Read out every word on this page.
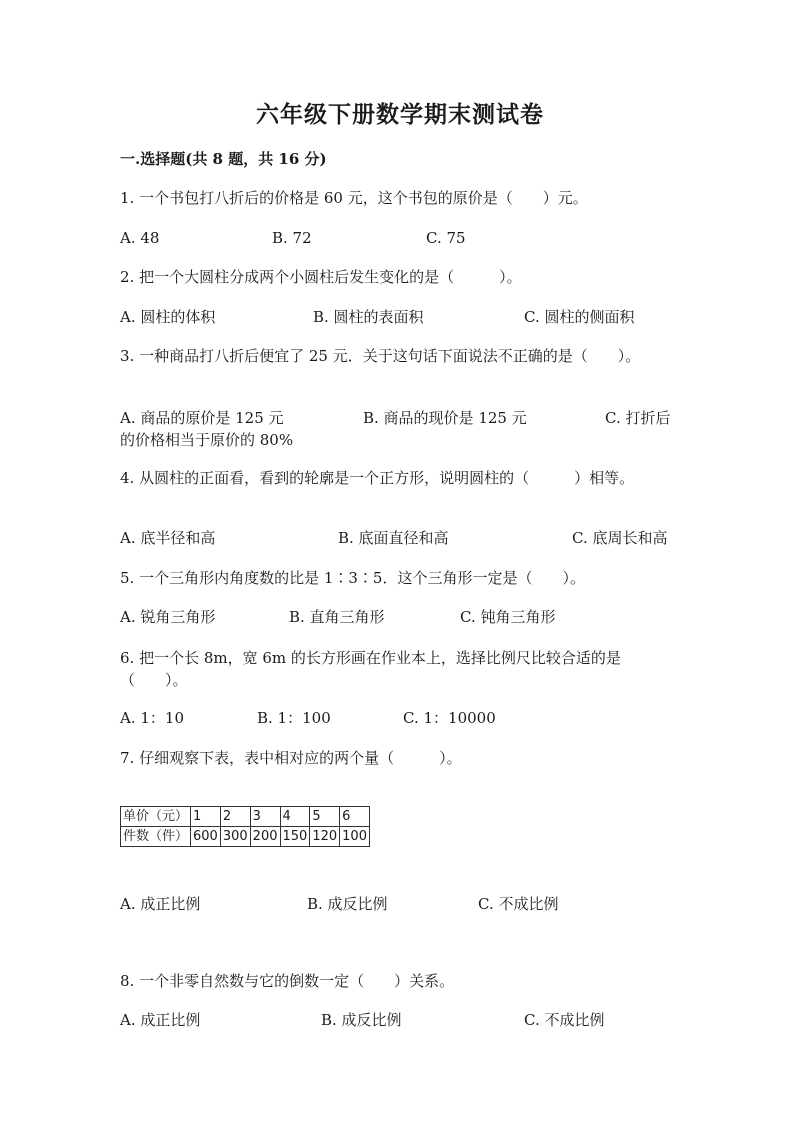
六年级下册数学期末测试卷
一.选择题(共 8 题，共 16 分)
1. 一个书包打八折后的价格是 60 元，这个书包的原价是（　　）元。
A. 48	B. 72	C. 75
2. 把一个大圆柱分成两个小圆柱后发生变化的是（　　　）。
A. 圆柱的体积	B. 圆柱的表面积	C. 圆柱的侧面积
3. 一种商品打八折后便宜了 25 元．关于这句话下面说法不正确的是（　　）。
A. 商品的原价是 125 元	B. 商品的现价是 125 元	C. 打折后
的价格相当于原价的 80%
4. 从圆柱的正面看，看到的轮廓是一个正方形，说明圆柱的（　　　）相等。
A. 底半径和高	B. 底面直径和高	C. 底周长和高
5. 一个三角形内角度数的比是 1∶3∶5．这个三角形一定是（　　）。
A. 锐角三角形	B. 直角三角形	C. 钝角三角形
6. 把一个长 8m，宽 6m 的长方形画在作业本上，选择比例尺比较合适的是（　　）。
A. 1：10	B. 1：100	C. 1：10000
7. 仔细观察下表，表中相对应的两个量（　　　）。
单价（元）	1	2	3	4	5	6
件数（件）	600	300	200	150	120	100
A. 成正比例	B. 成反比例	C. 不成比例
8. 一个非零自然数与它的倒数一定（　　）关系。
A. 成正比例	B. 成反比例	C. 不成比例
